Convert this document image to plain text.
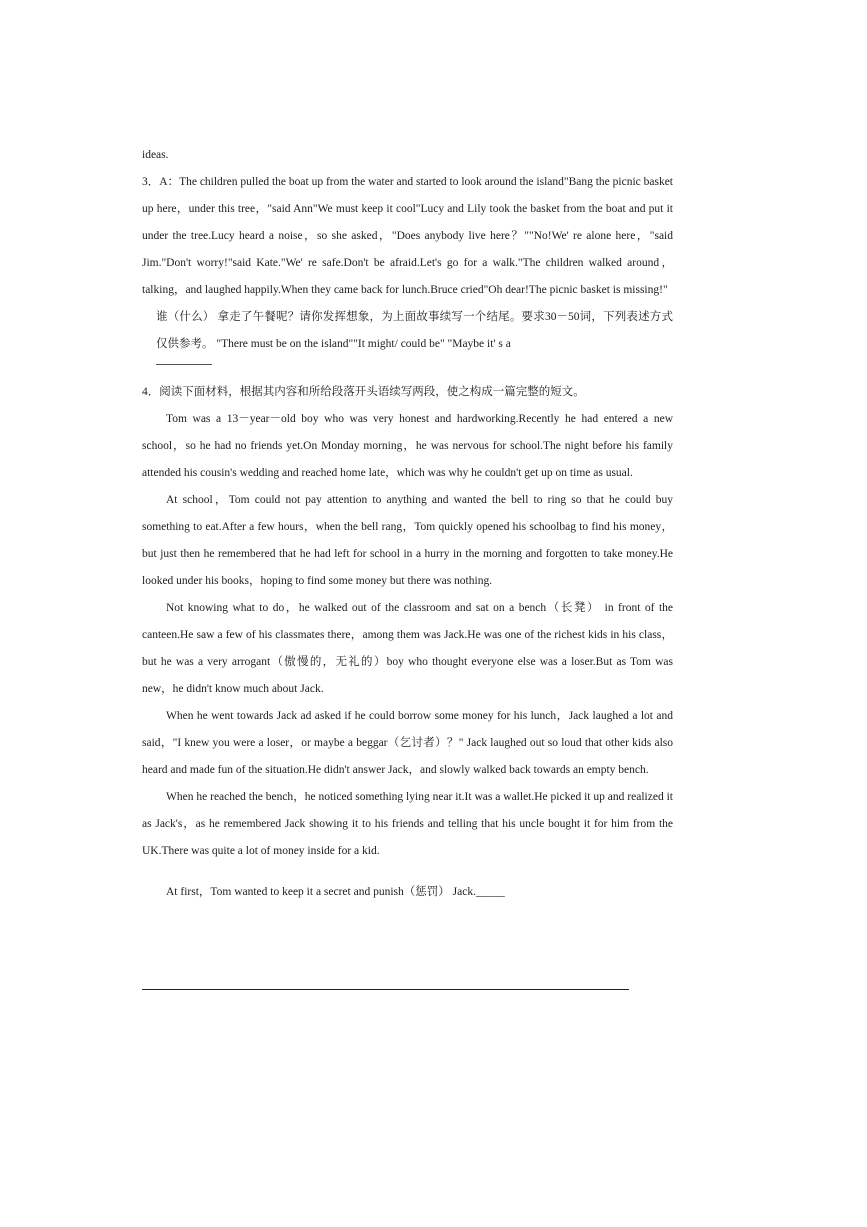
ideas.

3．A：The children pulled the boat up from the water and started to look around the island"Bang the picnic basket up here，under this tree，"said Ann"We must keep it cool"Lucy and Lily took the basket from the boat and put it under the tree.Lucy heard a noise，so she asked，"Does anybody live here？""No!We' re alone here，"said Jim."Don't worry!"said Kate."We' re safe.Don't be afraid.Let's go for a walk."The children walked around，talking，and laughed happily.When they came back for lunch.Bruce cried"Oh dear!The picnic basket is missing!"

谁（什么） 拿走了午餐呢？请你发挥想象，为上面故事续写一个结尾。要求30－50词，下列表述方式仅供参考。 "There must be on the island""It might/ could be" "Maybe it' s a

4．阅读下面材料，根据其内容和所给段落开头语续写两段，使之构成一篇完整的短文。

Tom was a 13－year－old boy who was very honest and hardworking.Recently he had entered a new school，so he had no friends yet.On Monday morning，he was nervous for school.The night before his family attended his cousin's wedding and reached home late，which was why he couldn't get up on time as usual.

At school，Tom could not pay attention to anything and wanted the bell to ring so that he could buy something to eat.After a few hours，when the bell rang，Tom quickly opened his schoolbag to find his money，but just then he remembered that he had left for school in a hurry in the morning and forgotten to take money.He looked under his books，hoping to find some money but there was nothing.

Not knowing what to do，he walked out of the classroom and sat on a bench（长凳） in front of the canteen.He saw a few of his classmates there，among them was Jack.He was one of the richest kids in his class，but he was a very arrogant（傲慢的，无礼的）boy who thought everyone else was a loser.But as Tom was new，he didn't know much about Jack.

When he went towards Jack ad asked if he could borrow some money for his lunch，Jack laughed a lot and said，"I knew you were a loser，or maybe a beggar（乞讨者）？" Jack laughed out so loud that other kids also heard and made fun of the situation.He didn't answer Jack，and slowly walked back towards an empty bench.

When he reached the bench，he noticed something lying near it.It was a wallet.He picked it up and realized it as Jack's，as he remembered Jack showing it to his friends and telling that his uncle bought it for him from the UK.There was quite a lot of money inside for a kid.

At first，Tom wanted to keep it a secret and punish（惩罚） Jack._____
